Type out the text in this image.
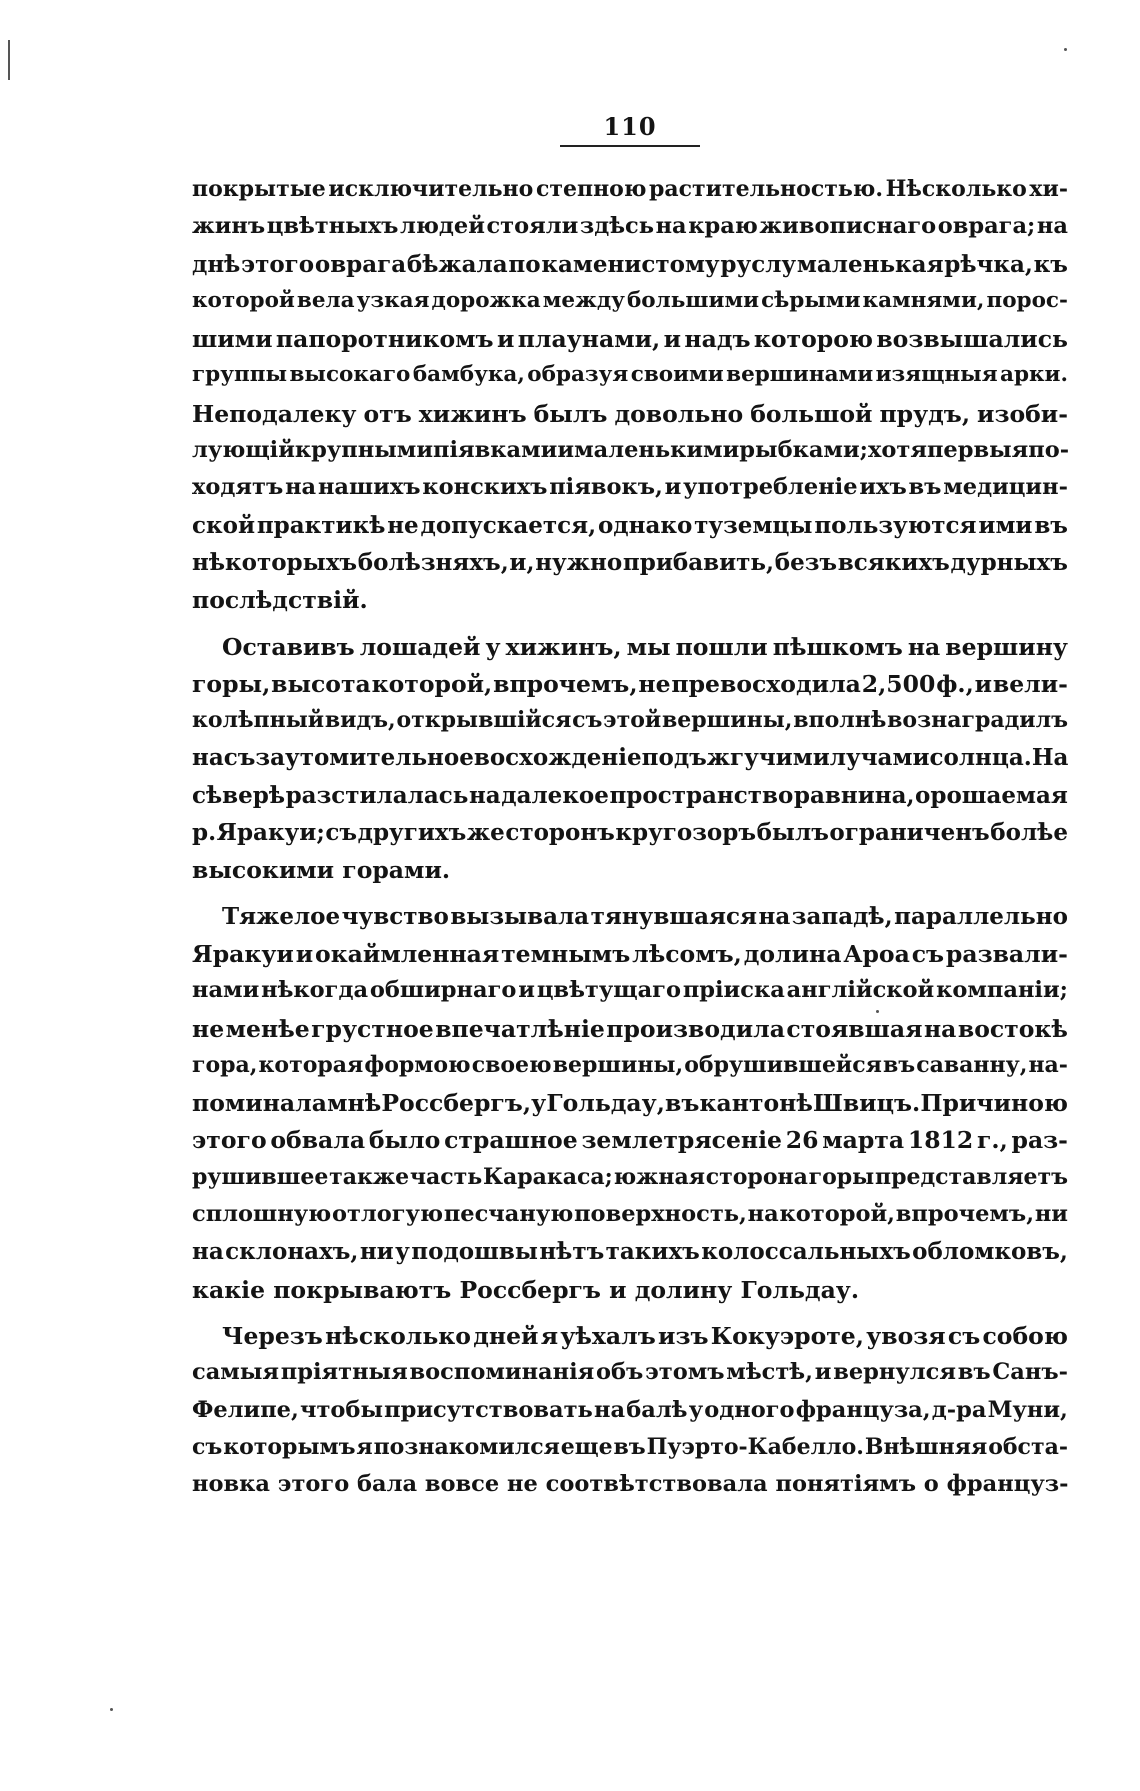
110
покрытые исключительно степною растительностью. Нѣсколько хи-
жинъ цвѣтныхъ людей стояли здѣсь на краю живописнаго оврага; на
днѣ этого оврага бѣжала по каменистому руслу маленькая рѣчка, къ
которой вела узкая дорожка между большими сѣрыми камнями, порос-
шими папоротникомъ и плаунами, и надъ которою возвышались
группы высокаго бамбука, образуя своими вершинами изящныя арки.
Неподалеку отъ хижинъ былъ довольно большой прудъ, изоби-
лующій крупными піявками и маленькими рыбками; хотя первыя по-
ходятъ на нашихъ конскихъ піявокъ, и употребленіе ихъ въ медицин-
ской практикѣ не допускается, однако туземцы пользуются ими въ
нѣкоторыхъ болѣзняхъ, и, нужно прибавить, безъ всякихъ дурныхъ
послѣдствій.
Оставивъ лошадей у хижинъ, мы пошли пѣшкомъ на вершину
горы, высота которой, впрочемъ, не превосходила 2,500 ф., и вели-
колѣпный видъ, открывшійся съ этой вершины, вполнѣ вознаградилъ
насъ за утомительное восхожденіе подъ жгучими лучами солнца. На
сѣверѣ разстилалась на далекое пространство равнина, орошаемая
р. Яракуи; съ другихъ же сторонъ кругозоръ былъ ограниченъ болѣе
высокими горами.
Тяжелое чувство вызывала тянувшаяся на западѣ, параллельно
Яракуи и окаймленная темнымъ лѣсомъ, долина Ароа съ развали-
нами нѣкогда обширнаго и цвѣтущаго пріиска англійской компаніи;
не менѣе грустное впечатлѣніе производила стоявшая на востокѣ
гора, которая формою своею вершины, обрушившейся въ саванну, на-
поминала мнѣ Россбергъ, у Гольдау, въ кантонѣ Швицъ. Причиною
этого обвала было страшное землетрясеніе 26 марта 1812 г., раз-
рушившее также часть Каракаса; южная сторона горы представляетъ
сплошную отлогую песчаную поверхность, на которой, впрочемъ, ни
на склонахъ, ни у подошвы нѣтъ такихъ колоссальныхъ обломковъ,
какіе покрываютъ Россбергъ и долину Гольдау.
Черезъ нѣсколько дней я уѣхалъ изъ Кокуэроте, увозя съ собою
самыя пріятныя воспоминанія объ этомъ мѣстѣ, и вернулся въ Санъ-
Фелипе, чтобы присутствовать на балѣ у одного француза, д-ра Муни,
съ которымъ я познакомился еще въ Пуэрто-Кабелло. Внѣшняя обста-
новка этого бала вовсе не соотвѣтствовала понятіямъ о француз-
